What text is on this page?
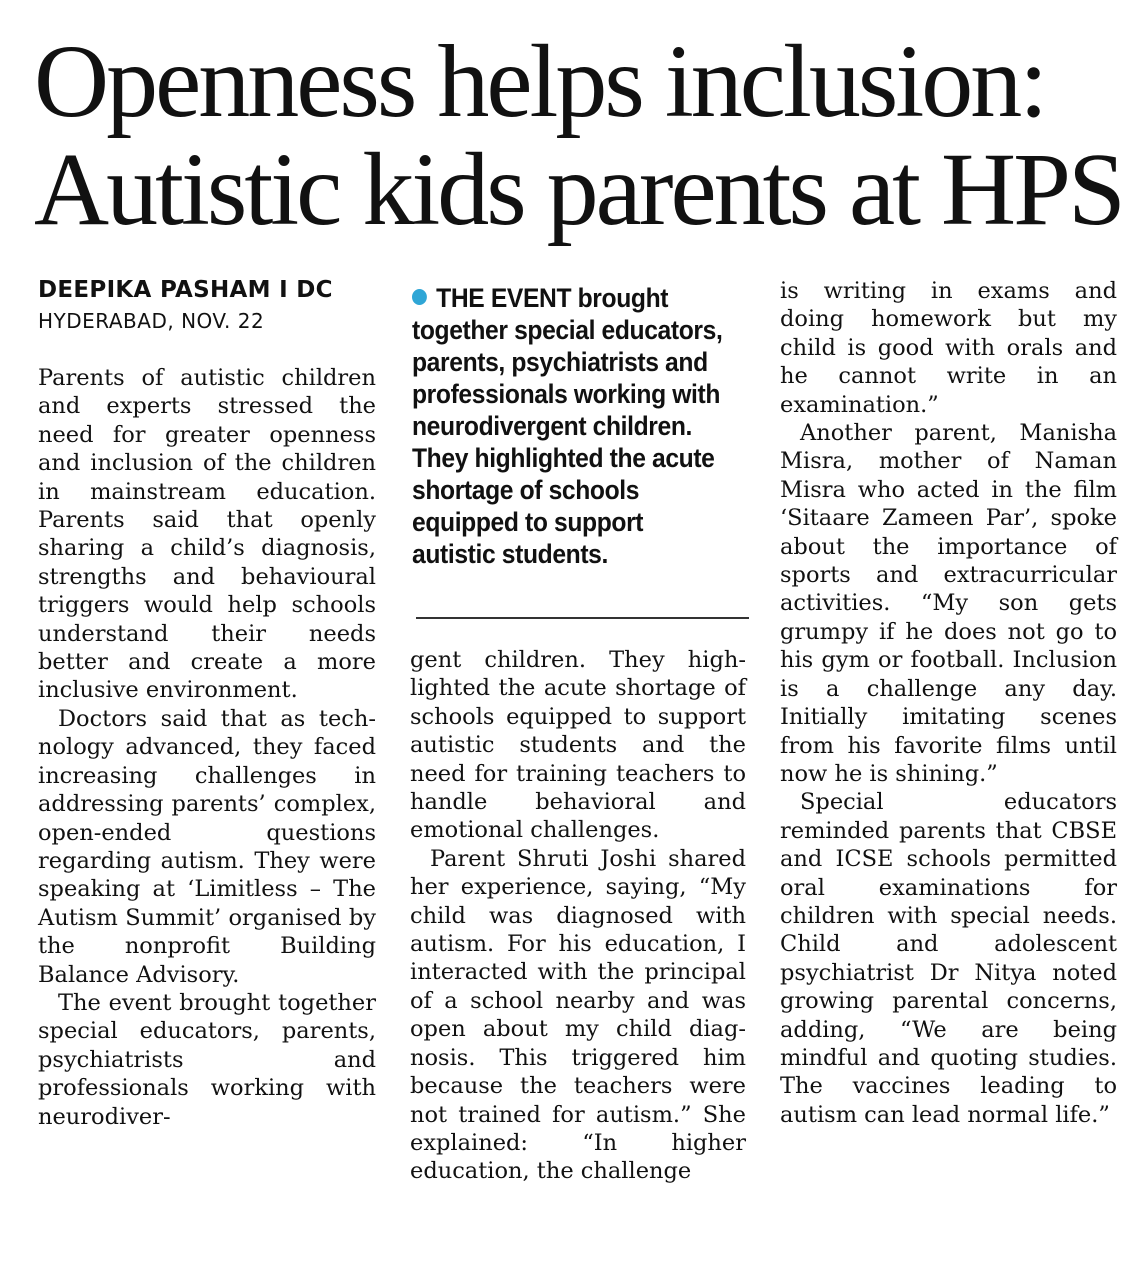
Openness helps inclusion:
Autistic kids parents at HPS
DEEPIKA PASHAM I DC
HYDERABAD, NOV. 22

Parents of autistic children and experts stressed the need for greater openness and inclusion of the children in mainstream education. Parents said that openly sharing a child’s diagnosis, strengths and behavioural triggers would help schools understand their needs better and create a more inclusive environment.

Doctors said that as technology advanced, they faced increasing challenges in addressing parents’ complex, open-ended questions regarding autism. They were speaking at ‘Limitless – The Autism Summit’ organised by the nonprofit Building Balance Advisory.

The event brought together special educators, parents, psychiatrists and professionals working with neurodiver-

THE EVENT brought together special educators, parents, psychiatrists and professionals working with neurodivergent children. They highlighted the acute shortage of schools equipped to support autistic students.

gent children. They highlighted the acute shortage of schools equipped to support autistic students and the need for training teachers to handle behavioral and emotional challenges.

Parent Shruti Joshi shared her experience, saying, “My child was diagnosed with autism. For his education, I interacted with the principal of a school nearby and was open about my child diagnosis. This triggered him because the teachers were not trained for autism.” She explained: “In higher education, the challenge

is writing in exams and doing homework but my child is good with orals and he cannot write in an examination.”

Another parent, Manisha Misra, mother of Naman Misra who acted in the film ‘Sitaare Zameen Par’, spoke about the importance of sports and extracurricular activities. “My son gets grumpy if he does not go to his gym or football. Inclusion is a challenge any day. Initially imitating scenes from his favorite films until now he is shining.”

Special educators reminded parents that CBSE and ICSE schools permitted oral examinations for children with special needs. Child and adolescent psychiatrist Dr Nitya noted growing parental concerns, adding, “We are being mindful and quoting studies. The vaccines leading to autism can lead normal life.”
